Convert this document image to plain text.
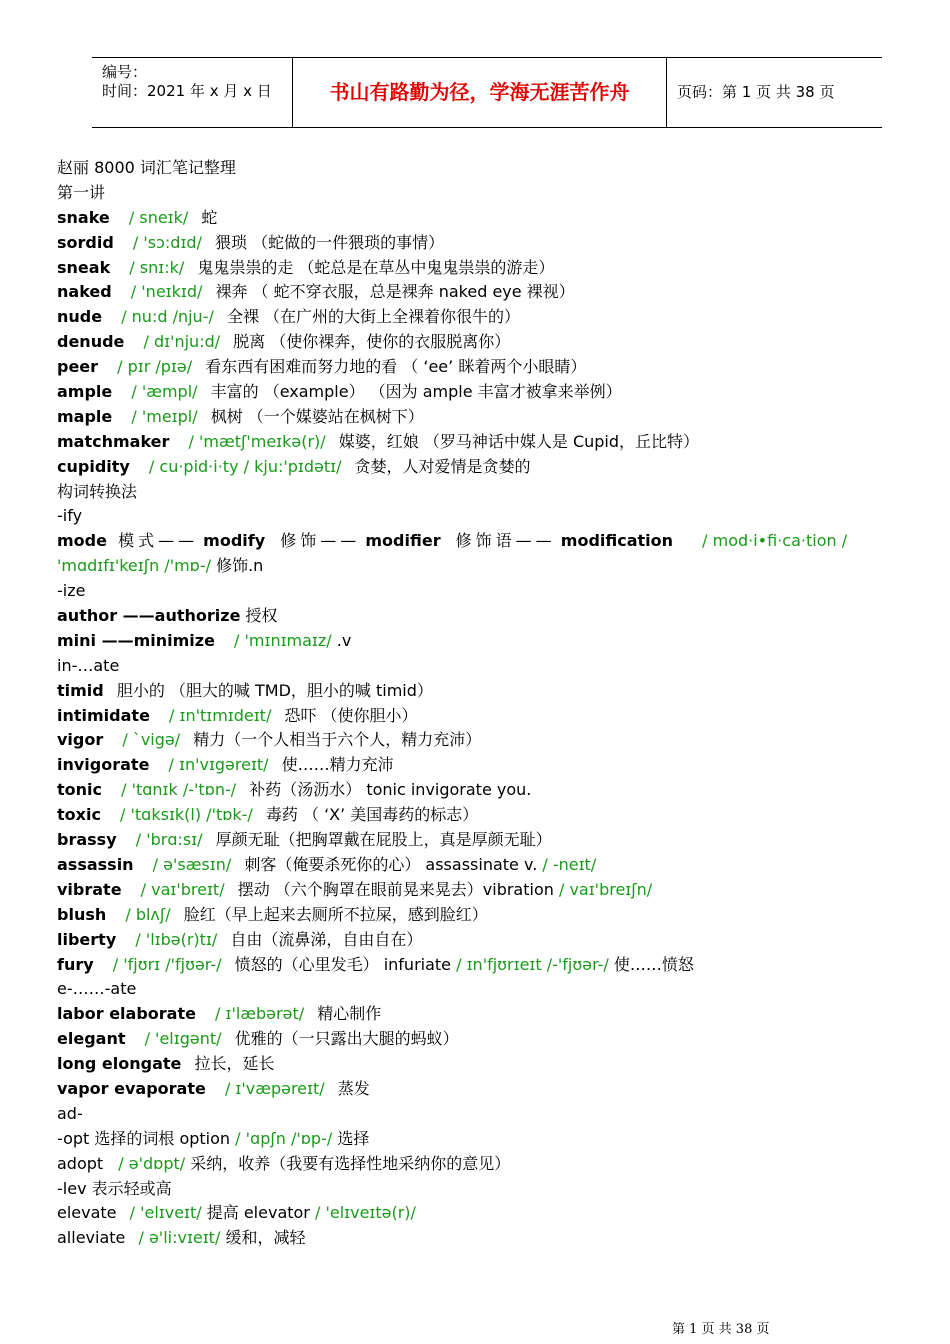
编号：
时间：2021 年 x 月 x 日	书山有路勤为径，学海无涯苦作舟	页码：第 1 页 共 38 页
赵丽 8000 词汇笔记整理
第一讲
snake / sneɪk/ 蛇
sordid / 'sɔ:dɪd/ 猥琐 （蛇做的一件猥琐的事情）
sneak / snɪ:k/ 鬼鬼祟祟的走 （蛇总是在草丛中鬼鬼祟祟的游走）
naked / 'neɪkɪd/ 裸奔 （ 蛇不穿衣服，总是裸奔 naked eye 裸视）
nude / nu:d /nju-/ 全裸 （在广州的大街上全裸着你很牛的）
denude / dɪ'nju:d/ 脱离 （使你裸奔，使你的衣服脱离你）
peer / pɪr /pɪə/ 看东西有困难而努力地的看 （ ‘ee’ 眯着两个小眼睛）
ample / 'æmpl/ 丰富的 （example） （因为 ample 丰富才被拿来举例）
maple / 'meɪpl/ 枫树 （一个媒婆站在枫树下）
matchmaker / 'mætʃ'meɪkə(r)/ 媒婆，红娘 （罗马神话中媒人是 Cupid，丘比特）
cupidity / cu·pid·i·ty / kju:'pɪdətɪ/ 贪婪，人对爱情是贪婪的
构词转换法
-ify
mode 模式—— modify 修饰—— modifier 修饰语—— modification / mod·i•fi·ca·tion /
'mɑdɪfɪ'keɪʃn /'mɒ-/ 修饰.n
-ize
author ——authorize 授权
mini ——minimize / 'mɪnɪmaɪz/ .v
in-…ate
timid 胆小的 （胆大的喊 TMD，胆小的喊 timid）
intimidate / ɪn'tɪmɪdeɪt/ 恐吓 （使你胆小）
vigor / `vigə/ 精力（一个人相当于六个人，精力充沛）
invigorate / ɪn'vɪgəreɪt/ 使……精力充沛
tonic / 'tɑnɪk /-'tɒn-/ 补药（汤沥水） tonic invigorate you.
toxic / 'tɑksɪk(l) /'tɒk-/ 毒药 （ ‘X’ 美国毒药的标志）
brassy / 'brɑ:sɪ/ 厚颜无耻（把胸罩戴在屁股上，真是厚颜无耻）
assassin / ə'sæsɪn/ 刺客（俺要杀死你的心） assassinate v. / -neɪt/
vibrate / vaɪ'breɪt/ 摆动 （六个胸罩在眼前晃来晃去）vibration / vaɪ'breɪʃn/
blush / blʌʃ/ 脸红（早上起来去厕所不拉屎，感到脸红）
liberty / 'lɪbə(r)tɪ/ 自由（流鼻涕，自由自在）
fury / 'fjʊrɪ /'fjʊər-/ 愤怒的（心里发毛） infuriate / ɪn'fjʊrɪeɪt /-'fjʊər-/ 使……愤怒
e-……-ate
labor elaborate / ɪ'læbərət/ 精心制作
elegant / 'elɪgənt/ 优雅的（一只露出大腿的蚂蚁）
long elongate 拉长，延长
vapor evaporate / ɪ'væpəreɪt/ 蒸发
ad-
-opt 选择的词根 option / 'ɑpʃn /'ɒp-/ 选择
adopt / ə'dɒpt/ 采纳，收养（我要有选择性地采纳你的意见）
-lev 表示轻或高
elevate / 'elɪveɪt/ 提高 elevator / 'elɪveɪtə(r)/
alleviate / ə'li:vɪeɪt/ 缓和，减轻
第 1 页 共 38 页
